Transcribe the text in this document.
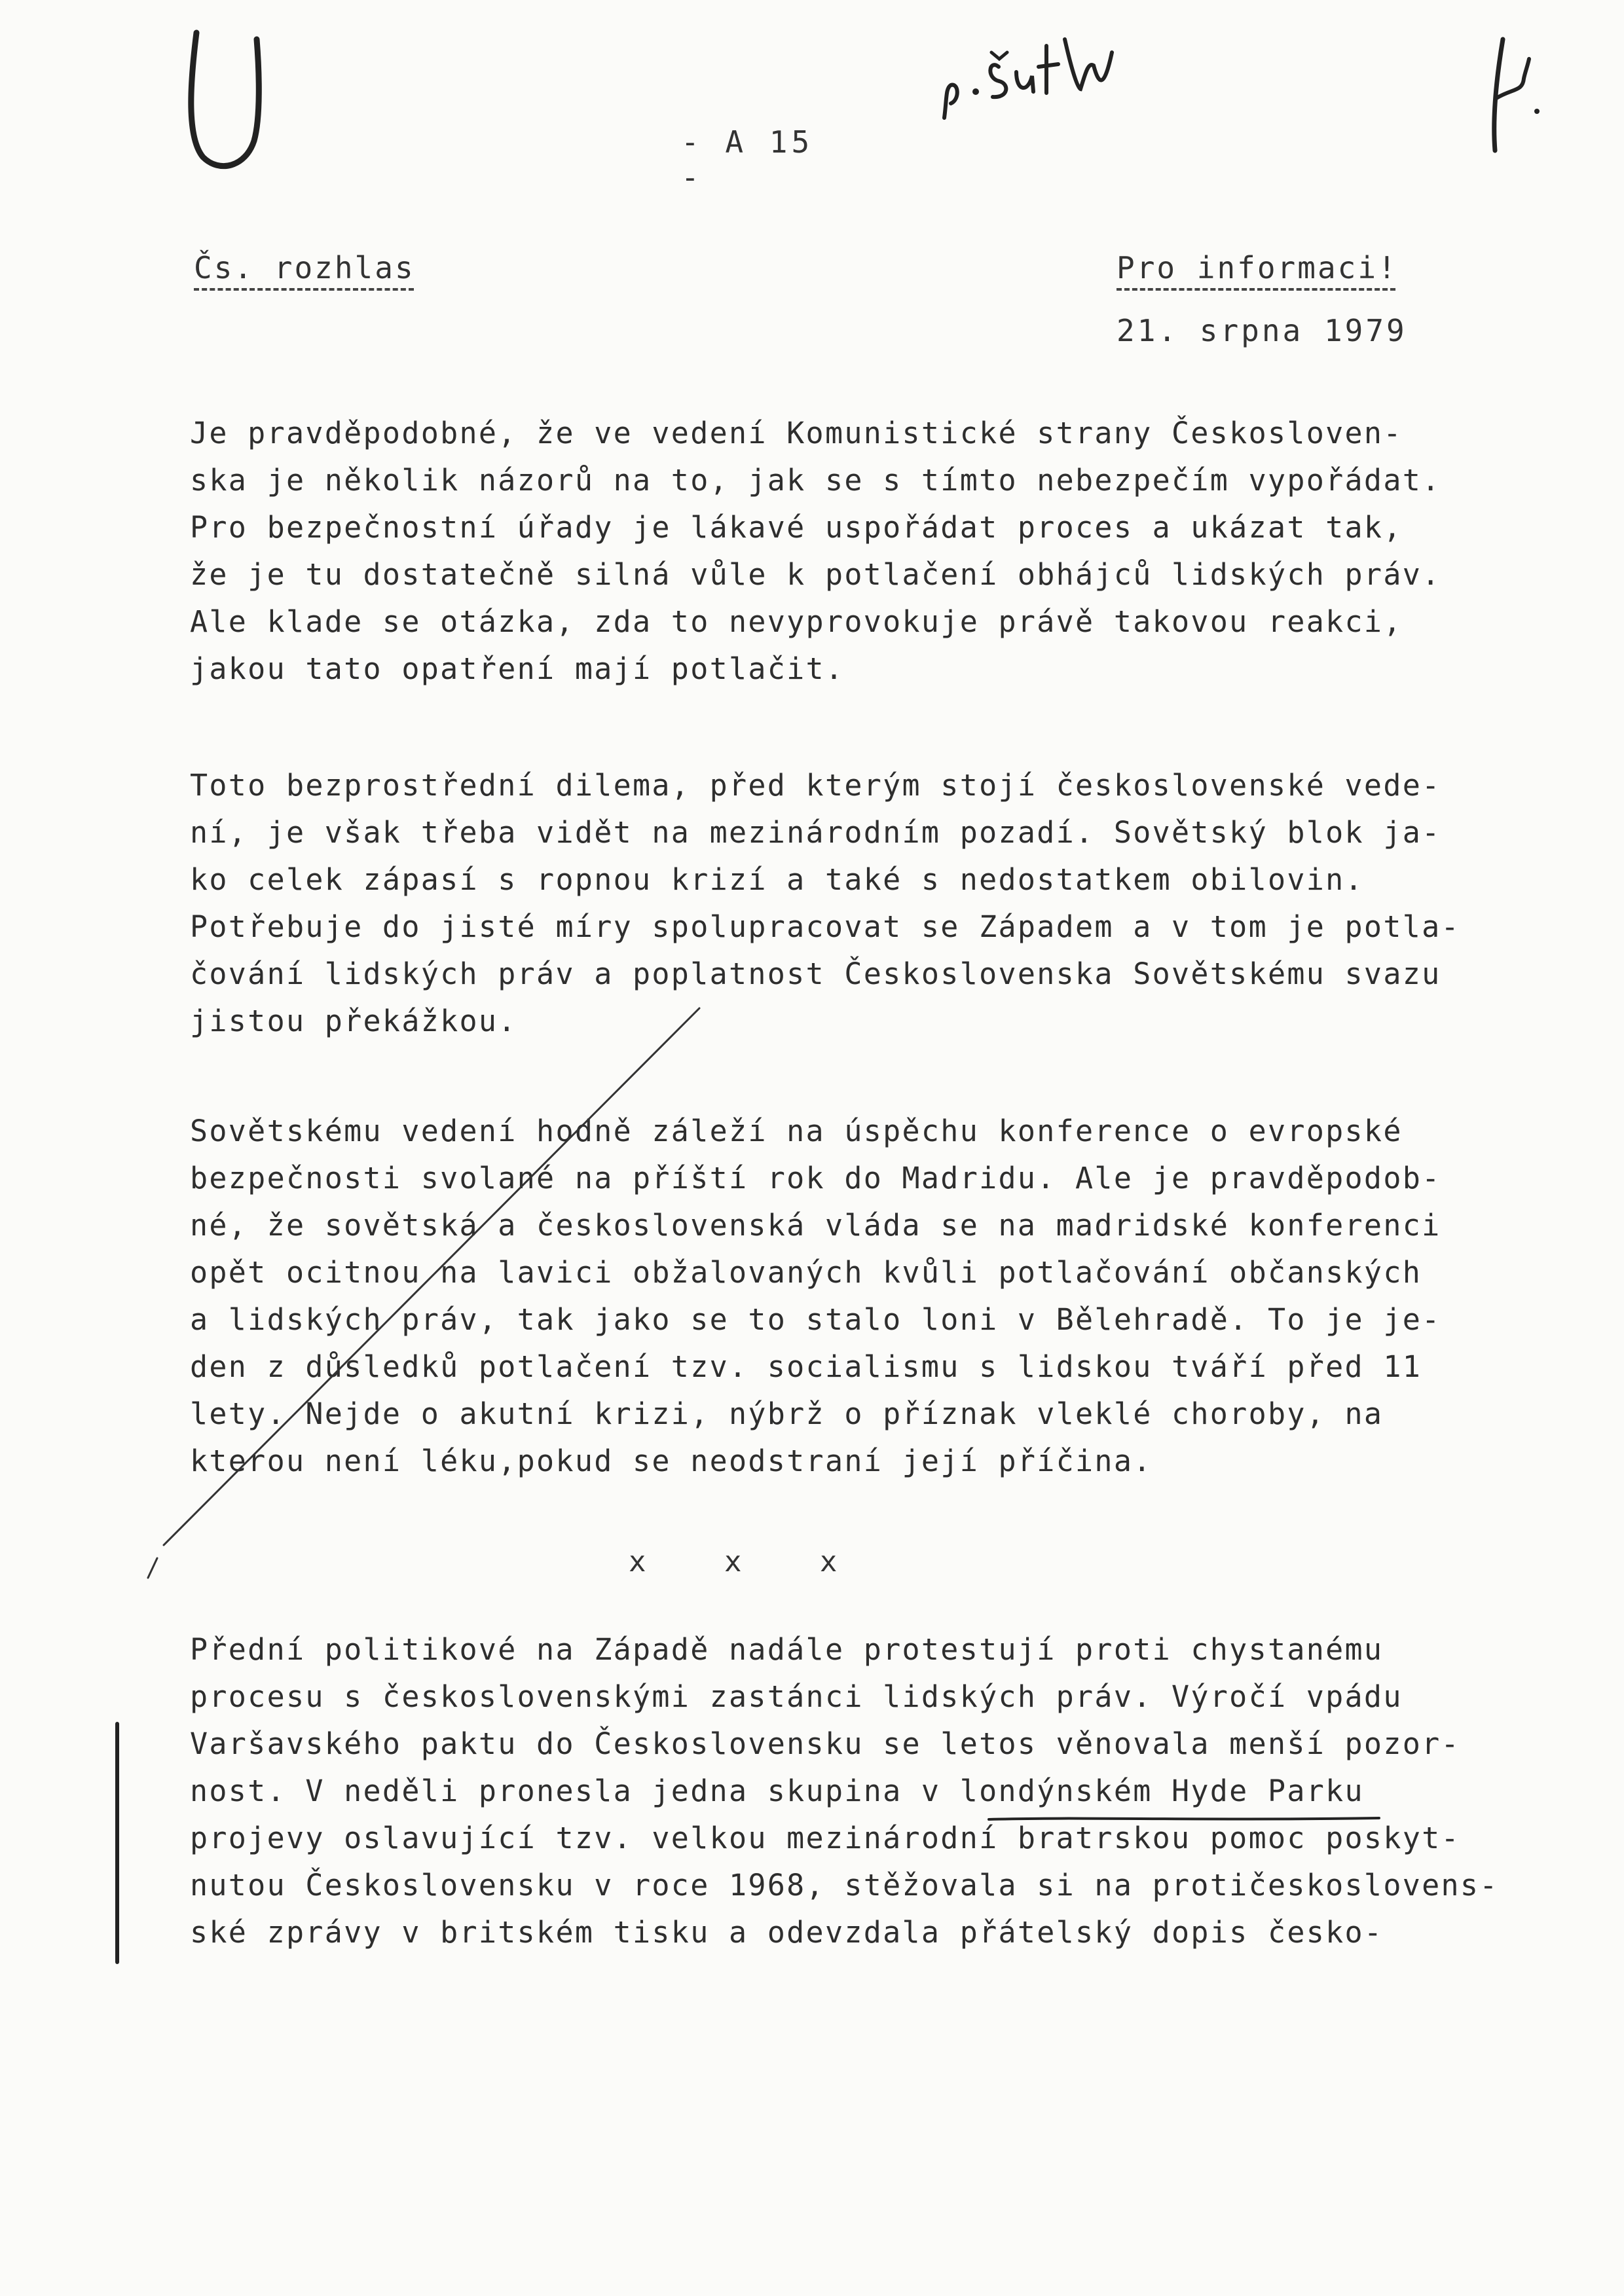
- A 15 -
Čs. rozhlas	Pro informaci!
21. srpna 1979
Je pravděpodobné, že ve vedení Komunistické strany Českosloven-
ska je několik názorů na to, jak se s tímto nebezpečím vypořádat.
Pro bezpečnostní úřady je lákavé uspořádat proces a ukázat tak,
že je tu dostatečně silná vůle k potlačení obhájců lidských práv.
Ale klade se otázka, zda to nevyprovokuje právě takovou reakci,
jakou tato opatření mají potlačit.
Toto bezprostřední dilema, před kterým stojí československé vede-
ní, je však třeba vidět na mezinárodním pozadí. Sovětský blok ja-
ko celek zápasí s ropnou krizí a také s nedostatkem obilovin.
Potřebuje do jisté míry spolupracovat se Západem a v tom je potla-
čování lidských práv a poplatnost Československa Sovětskému svazu
jistou překážkou.
Sovětskému vedení hodně záleží na úspěchu konference o evropské
bezpečnosti svolané na příští rok do Madridu. Ale je pravděpodob-
né, že sovětská a československá vláda se na madridské konferenci
opět ocitnou na lavici obžalovaných kvůli potlačování občanských
a lidských práv, tak jako se to stalo loni v Bělehradě. To je je-
den z důsledků potlačení tzv. socialismu s lidskou tváří před 11
lety. Nejde o akutní krizi, nýbrž o příznak vleklé choroby, na
kterou není léku,pokud se neodstraní její příčina.
x   x   x
Přední politikové na Západě nadále protestují proti chystanému
procesu s československými zastánci lidských práv. Výročí vpádu
Varšavského paktu do Československu se letos věnovala menší pozor-
nost. V neděli pronesla jedna skupina v londýnském Hyde Parku
projevy oslavující tzv. velkou mezinárodní bratrskou pomoc poskyt-
nutou Československu v roce 1968, stěžovala si na protičeskoslovens-
ské zprávy v britském tisku a odevzdala přátelský dopis česko-
